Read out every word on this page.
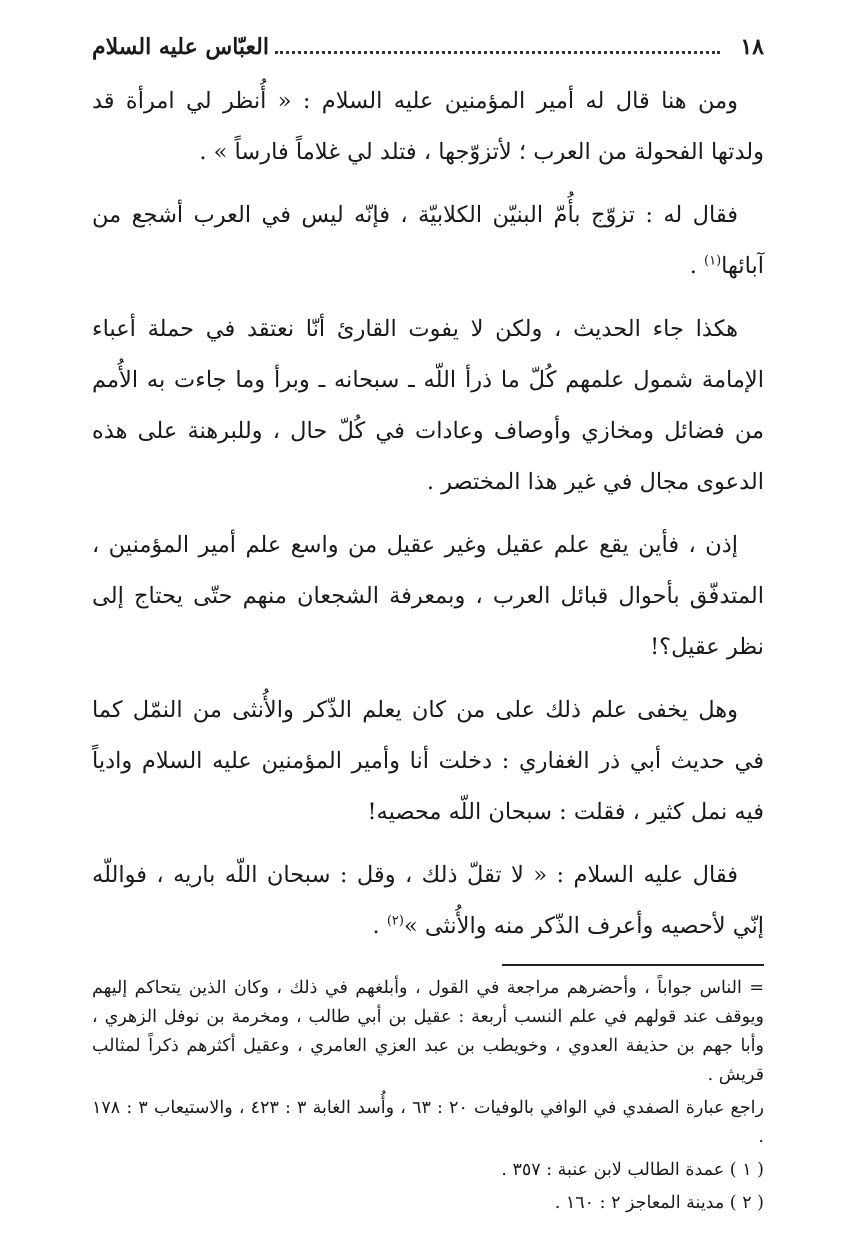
١٨
العبّاس عليه السلام

ومن هنا قال له أمير المؤمنين عليه السلام : « أُنظر لي امرأة قد ولدتها الفحولة من العرب ؛ لأتزوّجها ، فتلد لي غلاماً فارساً » .

فقال له : تزوّج بأُمّ البنيّن الكلابيّة ، فإنّه ليس في العرب أشجع من آبائها$^{(١)}$ .

هكذا جاء الحديث ، ولكن لا يفوت القارئ أنّا نعتقد في حملة أعباء الإمامة شمول علمهم كُلّ ما ذرأ اللّه ـ سبحانه ـ وبرأ وما جاءت به الأُمم من فضائل ومخازي وأوصاف وعادات في كُلّ حال ، وللبرهنة على هذه الدعوى مجال في غير هذا المختصر .

إذن ، فأين يقع علم عقيل وغير عقيل من واسع علم أمير المؤمنين ، المتدفّق بأحوال قبائل العرب ، وبمعرفة الشجعان منهم حتّى يحتاج إلى نظر عقيل؟!

وهل يخفى علم ذلك على من كان يعلم الذّكر والأُنثى من النمّل كما في حديث أبي ذر الغفاري : دخلت أنا وأمير المؤمنين عليه السلام وادياً فيه نمل كثير ، فقلت : سبحان اللّه محصيه!

فقال عليه السلام : « لا تقلّ ذلك ، وقل : سبحان اللّه باريه ، فواللّه إنّي لأحصيه وأعرف الذّكر منه والأُنثى »$^{(٢)}$ .

= الناس جواباً ، وأحضرهم مراجعة في القول ، وأبلغهم في ذلك ، وكان الذين يتحاكم إليهم ويوقف عند قولهم في علم النسب أربعة : عقيل بن أبي طالب ، ومخرمة بن نوفل الزهري ، وأبا جهم بن حذيفة العدوي ، وخويطب بن عبد العزي العامري ، وعقيل أكثرهم ذكراً لمثالب قريش .

راجع عبارة الصفدي في الوافي بالوفيات ٢٠ : ٦٣ ، وأُسد الغابة ٣ : ٤٢٣ ، والاستيعاب ٣ : ١٧٨ .

( ١ ) عمدة الطالب لابن عنبة : ٣٥٧ .

( ٢ ) مدينة المعاجز ٢ : ١٦٠ .
